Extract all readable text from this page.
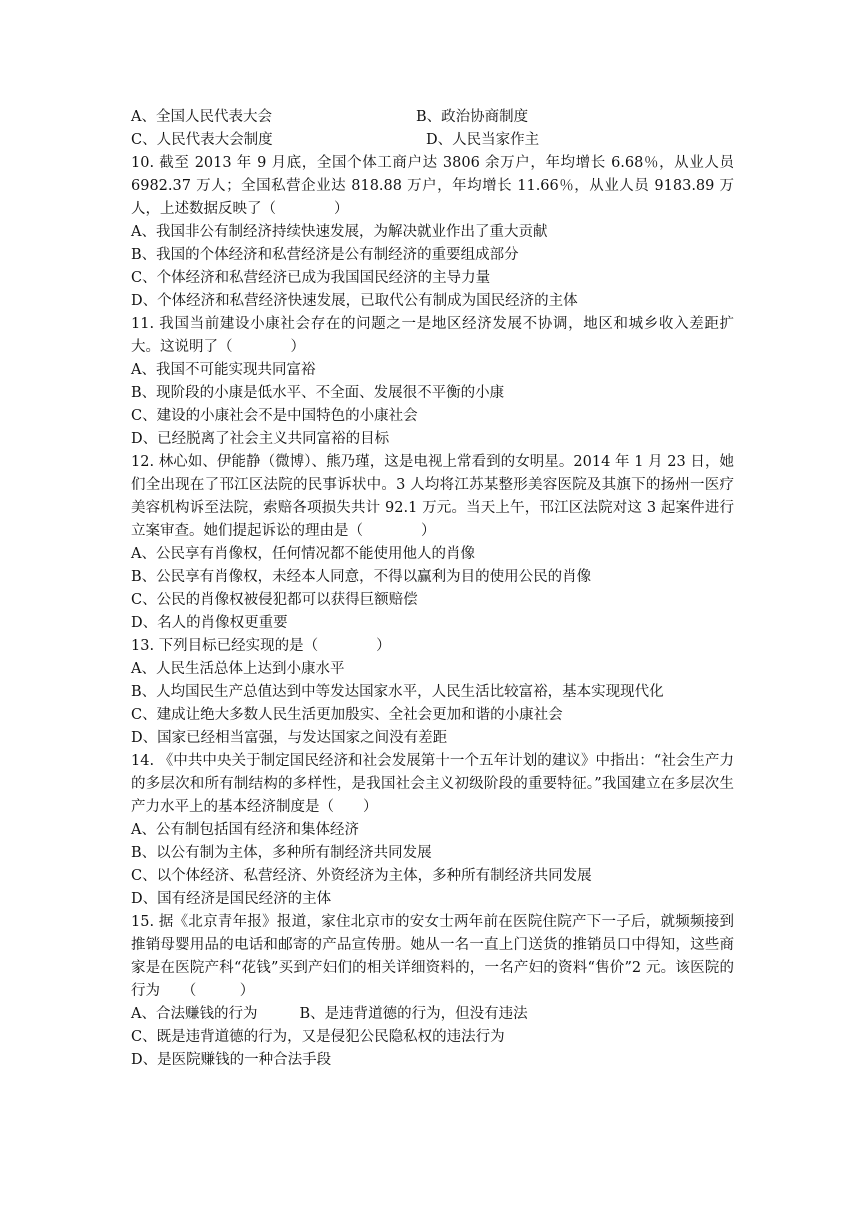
A、全国人民代表大会	B、政治协商制度
C、人民代表大会制度	D、人民当家作主
10. 截至 2013 年 9 月底，全国个体工商户达 3806 余万户，年均增长 6.68％，从业人员 6982.37 万人；全国私营企业达 818.88 万户，年均增长 11.66％，从业人员 9183.89 万人，上述数据反映了（　　　　）
A、我国非公有制经济持续快速发展，为解决就业作出了重大贡献
B、我国的个体经济和私营经济是公有制经济的重要组成部分
C、个体经济和私营经济已成为我国国民经济的主导力量
D、个体经济和私营经济快速发展，已取代公有制成为国民经济的主体
11. 我国当前建设小康社会存在的问题之一是地区经济发展不协调，地区和城乡收入差距扩大。这说明了（　　　　）
A、我国不可能实现共同富裕
B、现阶段的小康是低水平、不全面、发展很不平衡的小康
C、建设的小康社会不是中国特色的小康社会
D、已经脱离了社会主义共同富裕的目标
12. 林心如、伊能静（微博）、熊乃瑾，这是电视上常看到的女明星。2014 年 1 月 23 日，她们全出现在了邗江区法院的民事诉状中。3 人均将江苏某整形美容医院及其旗下的扬州一医疗美容机构诉至法院，索赔各项损失共计 92.1 万元。当天上午，邗江区法院对这 3 起案件进行立案审查。她们提起诉讼的理由是（　　　　）
A、公民享有肖像权，任何情况都不能使用他人的肖像
B、公民享有肖像权，未经本人同意，不得以赢利为目的使用公民的肖像
C、公民的肖像权被侵犯都可以获得巨额赔偿
D、名人的肖像权更重要
13. 下列目标已经实现的是（　　　　）
A、人民生活总体上达到小康水平
B、人均国民生产总值达到中等发达国家水平，人民生活比较富裕，基本实现现代化
C、建成让绝大多数人民生活更加殷实、全社会更加和谐的小康社会
D、国家已经相当富强，与发达国家之间没有差距
14. 《中共中央关于制定国民经济和社会发展第十一个五年计划的建议》中指出：“社会生产力的多层次和所有制结构的多样性，是我国社会主义初级阶段的重要特征。”我国建立在多层次生产力水平上的基本经济制度是（　　）
A、公有制包括国有经济和集体经济
B、以公有制为主体，多种所有制经济共同发展
C、以个体经济、私营经济、外资经济为主体，多种所有制经济共同发展
D、国有经济是国民经济的主体
15. 据《北京青年报》报道，家住北京市的安女士两年前在医院住院产下一子后，就频频接到推销母婴用品的电话和邮寄的产品宣传册。她从一名一直上门送货的推销员口中得知，这些商家是在医院产科“花钱”买到产妇们的相关详细资料的，一名产妇的资料“售价”2 元。该医院的行为　　（　　　）
A、合法赚钱的行为	B、是违背道德的行为，但没有违法
C、既是违背道德的行为，又是侵犯公民隐私权的违法行为
D、是医院赚钱的一种合法手段
